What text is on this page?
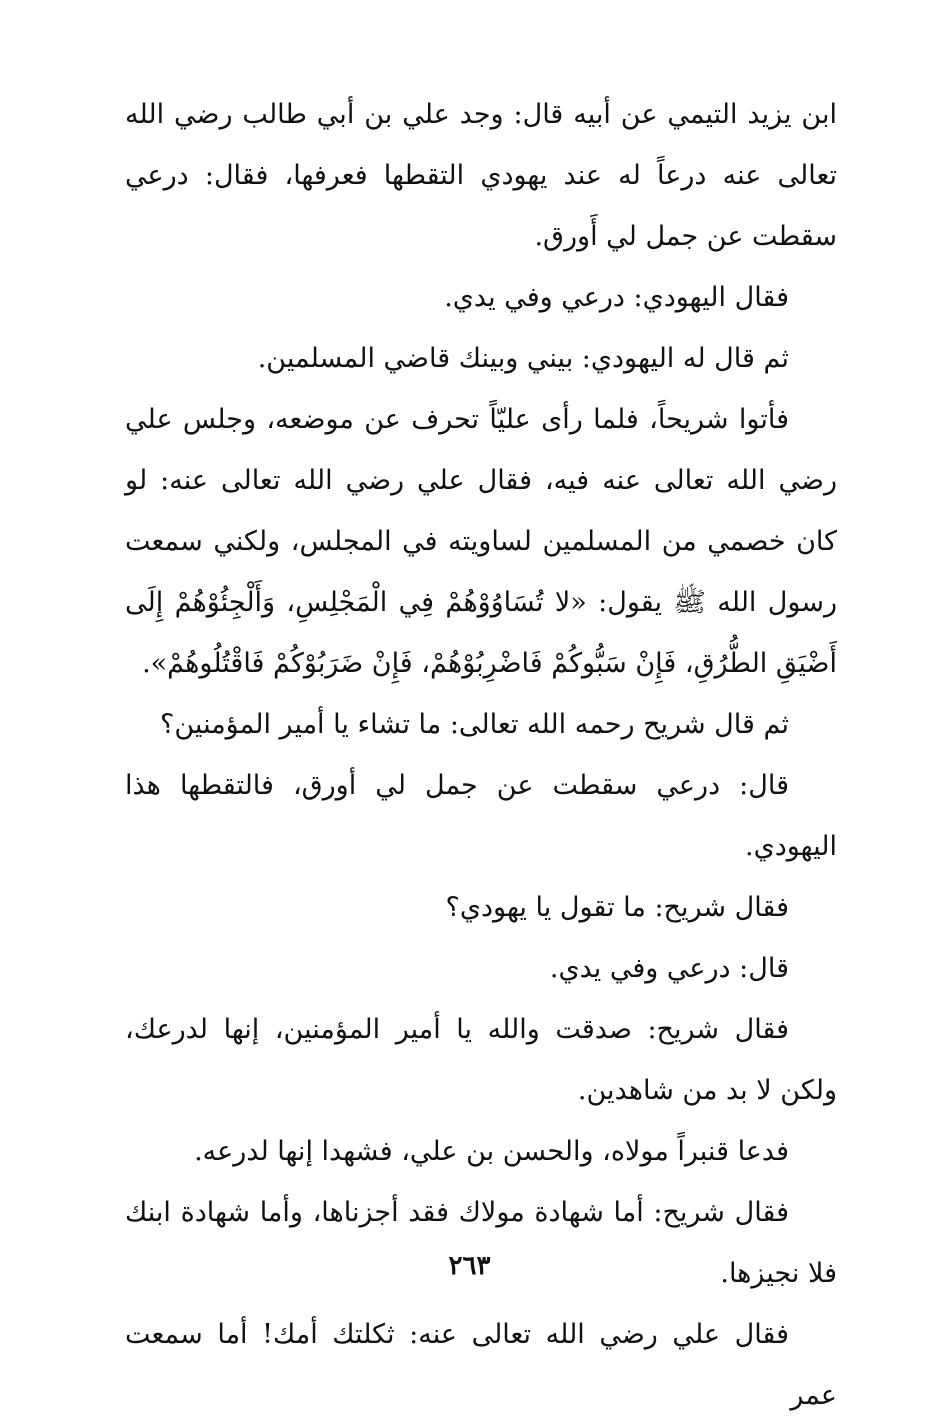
ابن يزيد التيمي عن أبيه قال: وجد علي بن أبي طالب رضي الله تعالى عنه درعاً له عند يهودي التقطها فعرفها، فقال: درعي سقطت عن جمل لي أَورق.

فقال اليهودي: درعي وفي يدي.

ثم قال له اليهودي: بيني وبينك قاضي المسلمين.

فأتوا شريحاً، فلما رأى عليّاً تحرف عن موضعه، وجلس علي رضي الله تعالى عنه فيه، فقال علي رضي الله تعالى عنه: لو كان خصمي من المسلمين لساويته في المجلس، ولكني سمعت رسول الله ﷺ يقول: «لا تُسَاوُوْهُمْ فِي الْمَجْلِسِ، وَأَلْجِئُوْهُمْ إِلَى أَضْيَقِ الطُّرُقِ، فَإِنْ سَبُّوكُمْ فَاضْرِبُوْهُمْ، فَإِنْ ضَرَبُوْكُمْ فَاقْتُلُوهُمْ».

ثم قال شريح رحمه الله تعالى: ما تشاء يا أمير المؤمنين؟

قال: درعي سقطت عن جمل لي أورق، فالتقطها هذا اليهودي.

فقال شريح: ما تقول يا يهودي؟

قال: درعي وفي يدي.

فقال شريح: صدقت والله يا أمير المؤمنين، إنها لدرعك، ولكن لا بد من شاهدين.

فدعا قنبراً مولاه، والحسن بن علي، فشهدا إنها لدرعه.

فقال شريح: أما شهادة مولاك فقد أجزناها، وأما شهادة ابنك فلا نجيزها.

فقال علي رضي الله تعالى عنه: ثكلتك أمك! أما سمعت عمر

٢٦٣
